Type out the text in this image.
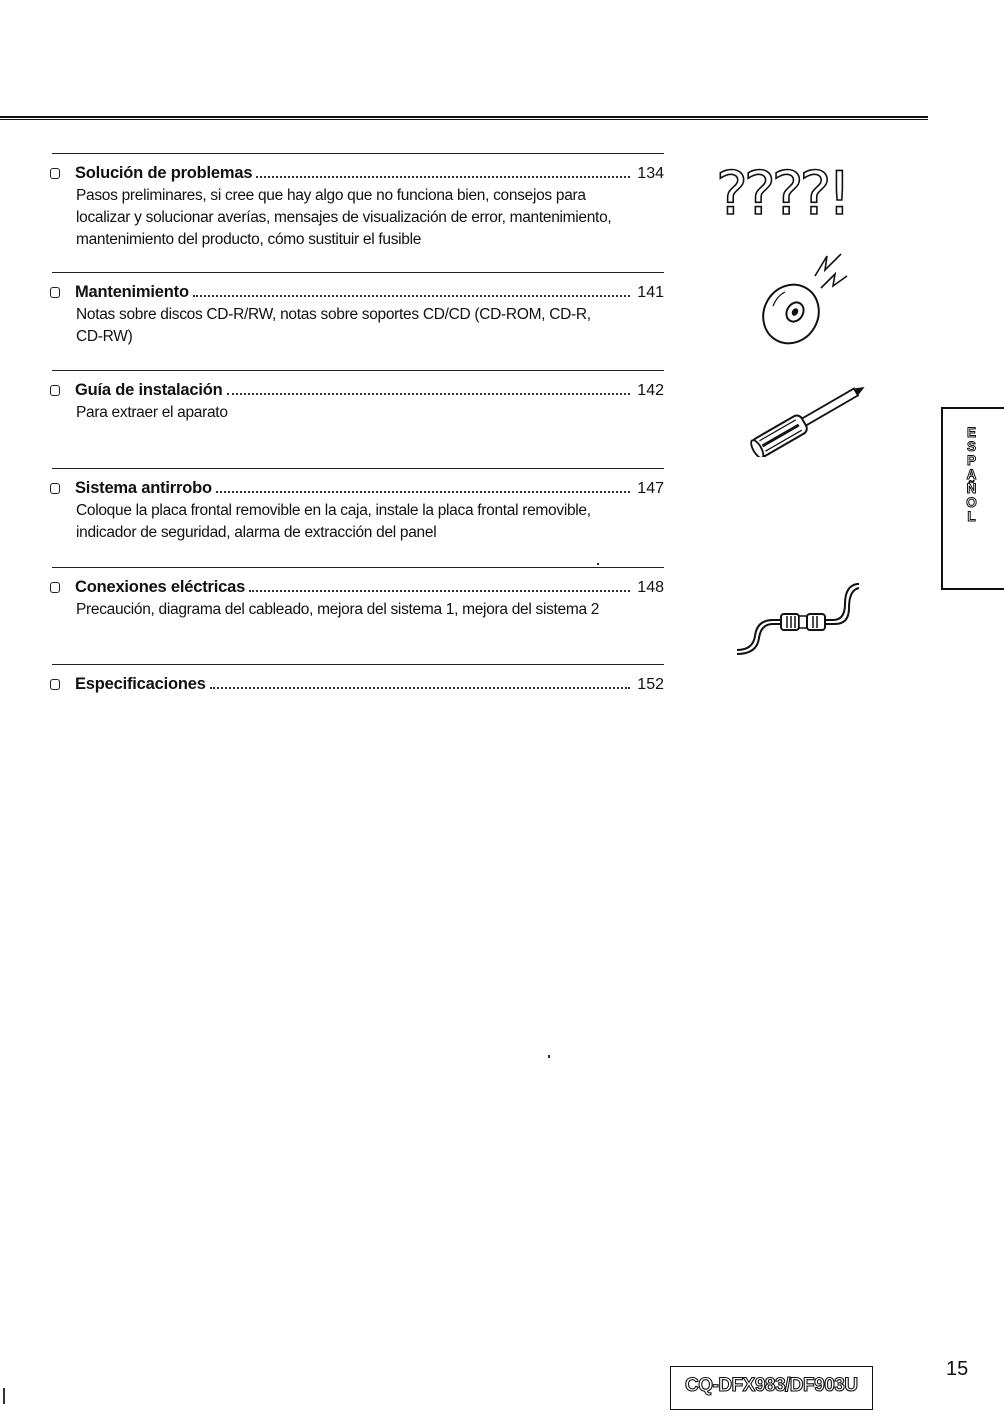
Solución de problemas	134
Pasos preliminares, si cree que hay algo que no funciona bien, consejos para
localizar y solucionar averías, mensajes de visualización de error, mantenimiento,
mantenimiento del producto, cómo sustituir el fusible
Mantenimiento	141
Notas sobre discos CD-R/RW, notas sobre soportes CD/CD (CD-ROM, CD-R,
CD-RW)
Guía de instalación	142
Para extraer el aparato
Sistema antirrobo	147
Coloque la placa frontal removible en la caja, instale la placa frontal removible,
indicador de seguridad, alarma de extracción del panel
Conexiones eléctricas	148
Precaución, diagrama del cableado, mejora del sistema 1, mejora del sistema 2
Especificaciones	152
????!
ESPAÑOL
CQ-DFX983/DF903U
15
